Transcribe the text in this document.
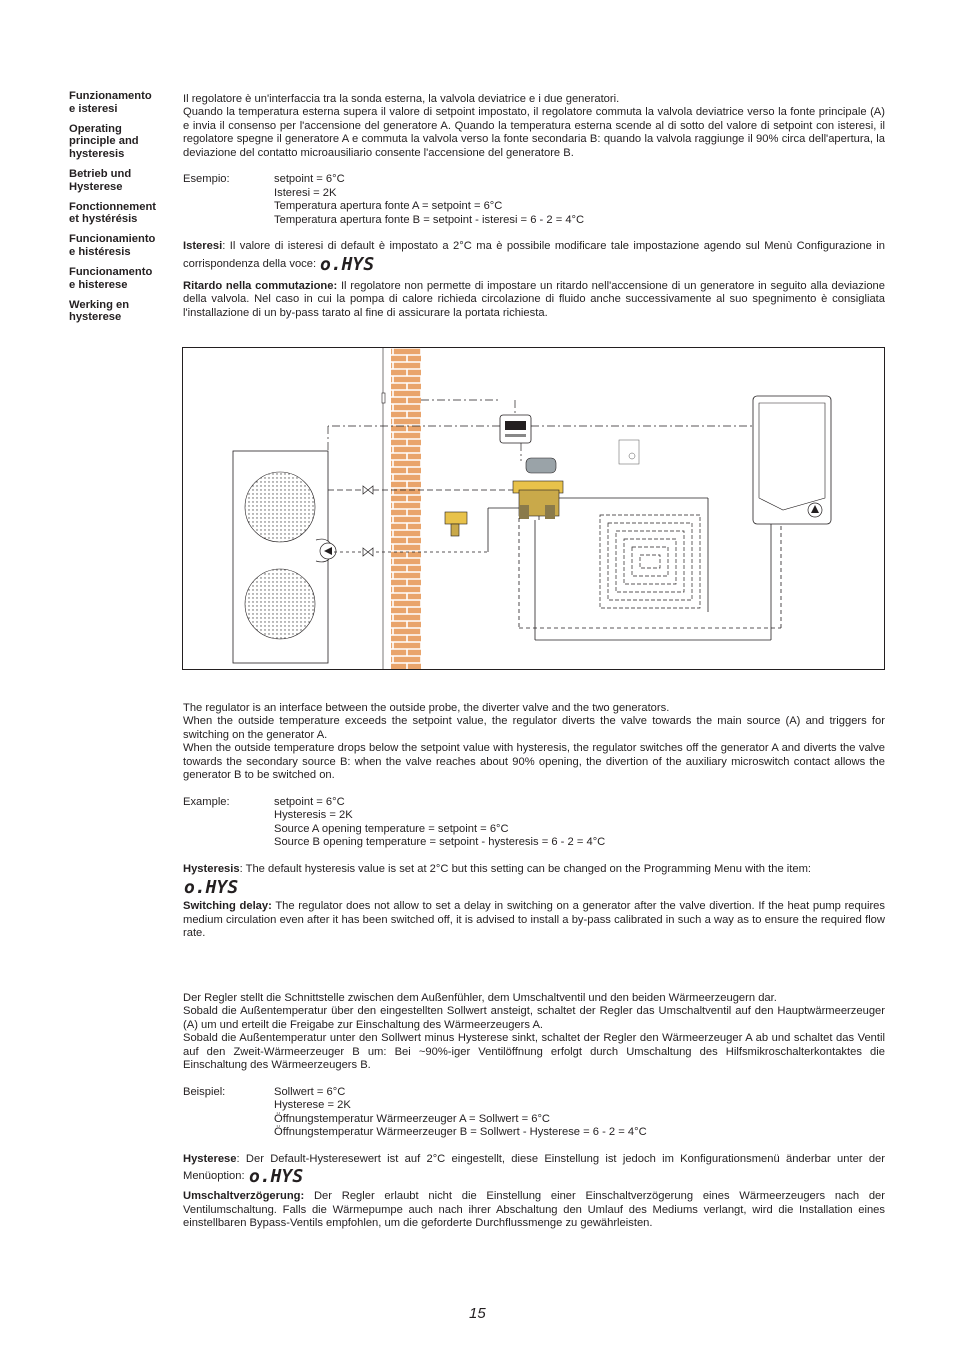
Funzionamento
e isteresi
Operating
principle and
hysteresis
Betrieb und
Hysterese
Fonctionnement
et hystérésis
Funcionamiento
e histéresis
Funcionamento
e histerese
Werking en
hysterese

Il regolatore è un'interfaccia tra la sonda esterna, la valvola deviatrice e i due generatori.

Quando la temperatura esterna supera il valore di setpoint impostato, il regolatore commuta la valvola deviatrice verso la fonte principale (A) e invia il consenso per l'accensione del generatore A. Quando la temperatura esterna scende al di sotto del valore di setpoint con isteresi, il regolatore spegne il generatore A e commuta la valvola verso la fonte secondaria B: quando la valvola raggiunge il 90% circa dell'apertura, la deviazione del contatto microausiliario consente l'accensione del generatore B.

Esempio:	setpoint = 6°C
Isteresi = 2K
Temperatura apertura fonte A = setpoint = 6°C
Temperatura apertura fonte B = setpoint - isteresi = 6 - 2 = 4°C

Isteresi: Il valore di isteresi di default è impostato a 2°C ma è possibile modificare tale impostazione agendo sul Menù Configurazione in corrispondenza della voce: o.HYS

Ritardo nella commutazione: Il regolatore non permette di impostare un ritardo nell'accensione di un generatore in seguito alla deviazione della valvola. Nel caso in cui la pompa di calore richieda circolazione di fluido anche successivamente al suo spegnimento è consigliata l'installazione di un by-pass tarato al fine di assicurare la portata richiesta.

The regulator is an interface between the outside probe, the diverter valve and the two generators.

When the outside temperature exceeds the setpoint value, the regulator diverts the valve towards the main source (A) and triggers for switching on the generator A.

When the outside temperature drops below the setpoint value with hysteresis, the regulator switches off the generator A and diverts the valve towards the secondary source B: when the valve reaches about 90% opening, the divertion of the auxiliary microswitch contact allows the generator B to be switched on.

Example:	setpoint = 6°C
Hysteresis = 2K
Source A opening temperature = setpoint = 6°C
Source B opening temperature = setpoint - hysteresis = 6 - 2 = 4°C

Hysteresis: The default hysteresis value is set at 2°C but this setting can be changed on the Programming Menu with the item:

o.HYS

Switching delay: The regulator does not allow to set a delay in switching on a generator after the valve divertion. If the heat pump requires medium circulation even after it has been switched off, it is advised to install a by-pass calibrated in such a way as to ensure the required flow rate.

Der Regler stellt die Schnittstelle zwischen dem Außenfühler, dem Umschaltventil und den beiden Wärmeerzeugern dar.

Sobald die Außentemperatur über den eingestellten Sollwert ansteigt, schaltet der Regler das Umschaltventil auf den Hauptwärmeerzeuger (A) um und erteilt die Freigabe zur Einschaltung des Wärmeerzeugers A.

Sobald die Außentemperatur unter den Sollwert minus Hysterese sinkt, schaltet der Regler den Wärmeerzeuger A ab und schaltet das Ventil auf den Zweit-Wärmeerzeuger B um: Bei ~90%-iger Ventilöffnung erfolgt durch Umschaltung des Hilfsmikroschalterkontaktes die Einschaltung des Wärmeerzeugers B.

Beispiel:	Sollwert = 6°C
Hysterese = 2K
Öffnungstemperatur Wärmeerzeuger A = Sollwert = 6°C
Öffnungstemperatur Wärmeerzeuger B = Sollwert - Hysterese = 6 - 2 = 4°C

Hysterese: Der Default-Hysteresewert ist auf 2°C eingestellt, diese Einstellung ist jedoch im Konfigurationsmenü änderbar unter der Menüoption: o.HYS

Umschaltverzögerung: Der Regler erlaubt nicht die Einstellung einer Einschaltverzögerung eines Wärmeerzeugers nach der Ventilumschaltung. Falls die Wärmepumpe auch nach ihrer Abschaltung den Umlauf des Mediums verlangt, wird die Installation eines einstellbaren Bypass-Ventils empfohlen, um die geforderte Durchflussmenge zu gewährleisten.

15
